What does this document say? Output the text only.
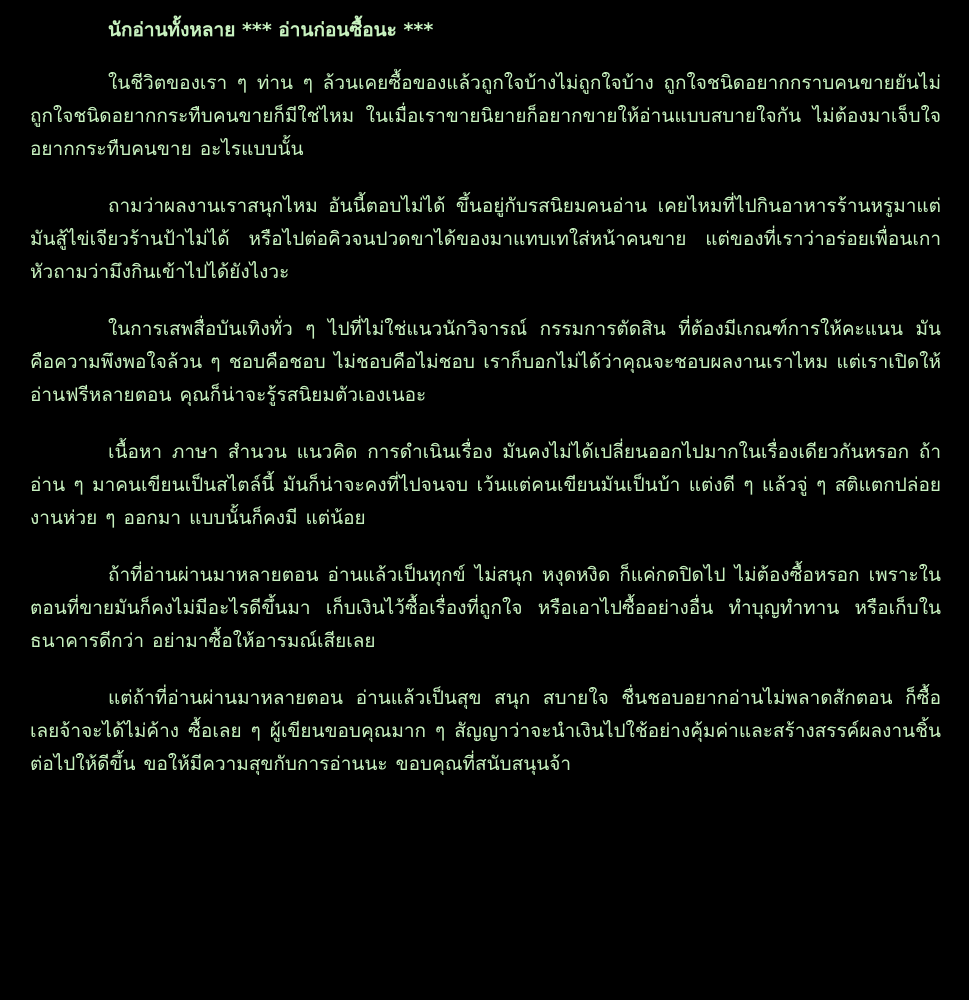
นักอ่านทั้งหลาย *** อ่านก่อนซื้อนะ ***

ในชีวิตของเรา ๆ ท่าน ๆ ล้วนเคยซื้อของแล้วถูกใจบ้างไม่ถูกใจบ้าง ถูกใจชนิดอยากกราบคนขายยันไม่ถูกใจชนิดอยากกระทืบคนขายก็มีใช่ไหม ในเมื่อเราขายนิยายก็อยากขายให้อ่านแบบสบายใจกัน ไม่ต้องมาเจ็บใจอยากกระทืบคนขาย อะไรแบบนั้น

ถามว่าผลงานเราสนุกไหม อันนี้ตอบไม่ได้ ขึ้นอยู่กับรสนิยมคนอ่าน เคยไหมที่ไปกินอาหารร้านหรูมาแต่มันสู้ไข่เจียวร้านป้าไม่ได้ หรือไปต่อคิวจนปวดขาได้ของมาแทบเทใส่หน้าคนขาย แต่ของที่เราว่าอร่อยเพื่อนเกาหัวถามว่ามึงกินเข้าไปได้ยังไงวะ

ในการเสพสื่อบันเทิงทั่ว ๆ ไปที่ไม่ใช่แนวนักวิจารณ์ กรรมการตัดสิน ที่ต้องมีเกณฑ์การให้คะแนน มันคือความพึงพอใจล้วน ๆ ชอบคือชอบ ไม่ชอบคือไม่ชอบ เราก็บอกไม่ได้ว่าคุณจะชอบผลงานเราไหม แต่เราเปิดให้อ่านฟรีหลายตอน คุณก็น่าจะรู้รสนิยมตัวเองเนอะ

เนื้อหา ภาษา สำนวน แนวคิด การดำเนินเรื่อง มันคงไม่ได้เปลี่ยนออกไปมากในเรื่องเดียวกันหรอก ถ้าอ่าน ๆ มาคนเขียนเป็นสไตล์นี้ มันก็น่าจะคงที่ไปจนจบ เว้นแต่คนเขียนมันเป็นบ้า แต่งดี ๆ แล้วจู่ ๆ สติแตกปล่อยงานห่วย ๆ ออกมา แบบนั้นก็คงมี แต่น้อย

ถ้าที่อ่านผ่านมาหลายตอน อ่านแล้วเป็นทุกข์ ไม่สนุก หงุดหงิด ก็แค่กดปิดไป ไม่ต้องซื้อหรอก เพราะในตอนที่ขายมันก็คงไม่มีอะไรดีขึ้นมา เก็บเงินไว้ซื้อเรื่องที่ถูกใจ หรือเอาไปซื้ออย่างอื่น ทำบุญทำทาน หรือเก็บในธนาคารดีกว่า อย่ามาซื้อให้อารมณ์เสียเลย

แต่ถ้าที่อ่านผ่านมาหลายตอน อ่านแล้วเป็นสุข สนุก สบายใจ ชื่นชอบอยากอ่านไม่พลาดสักตอน ก็ซื้อเลยจ้าจะได้ไม่ค้าง ซื้อเลย ๆ ผู้เขียนขอบคุณมาก ๆ สัญญาว่าจะนำเงินไปใช้อย่างคุ้มค่าและสร้างสรรค์ผลงานชิ้นต่อไปให้ดีขึ้น ขอให้มีความสุขกับการอ่านนะ ขอบคุณที่สนับสนุนจ้า
